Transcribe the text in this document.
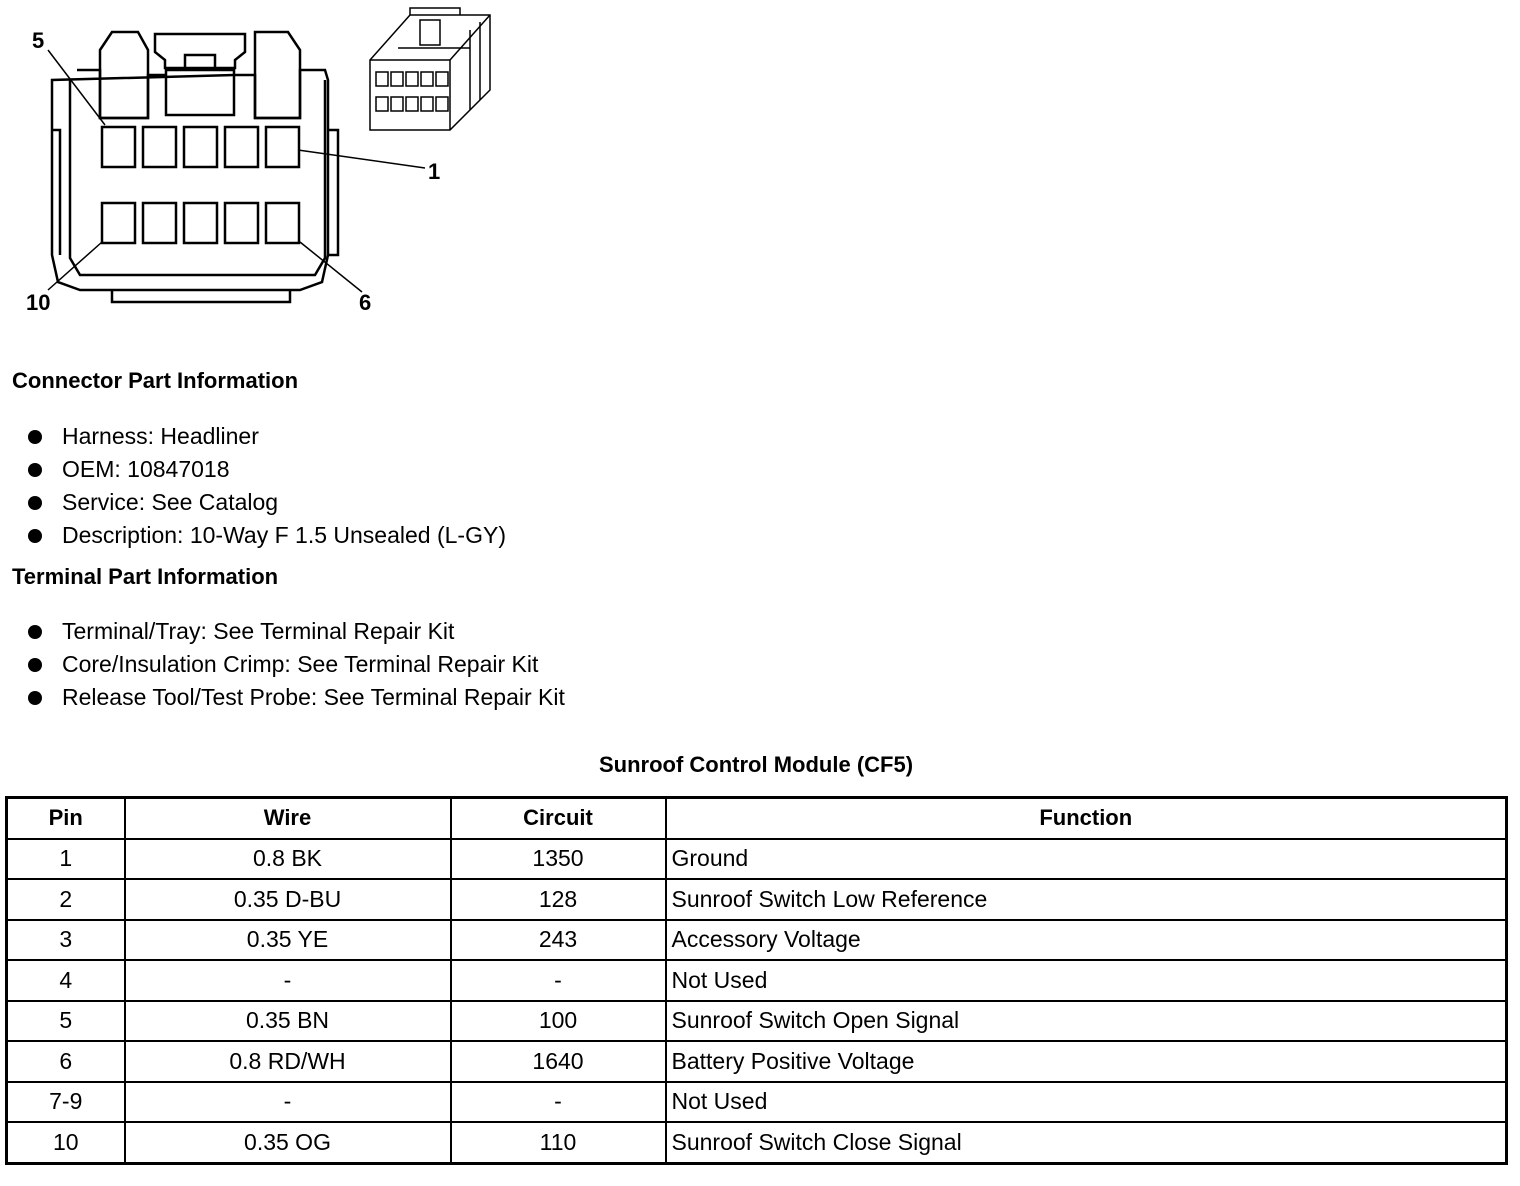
5
1
10	6
Connector Part Information
Harness: Headliner
OEM: 10847018
Service: See Catalog
Description: 10-Way F 1.5 Unsealed (L-GY)
Terminal Part Information
Terminal/Tray: See Terminal Repair Kit
Core/Insulation Crimp: See Terminal Repair Kit
Release Tool/Test Probe: See Terminal Repair Kit
Sunroof Control Module (CF5)
Pin	Wire	Circuit	Function
1	0.8 BK	1350	Ground
2	0.35 D-BU	128	Sunroof Switch Low Reference
3	0.35 YE	243	Accessory Voltage
4	-	-	Not Used
5	0.35 BN	100	Sunroof Switch Open Signal
6	0.8 RD/WH	1640	Battery Positive Voltage
7-9	-	-	Not Used
10	0.35 OG	110	Sunroof Switch Close Signal
